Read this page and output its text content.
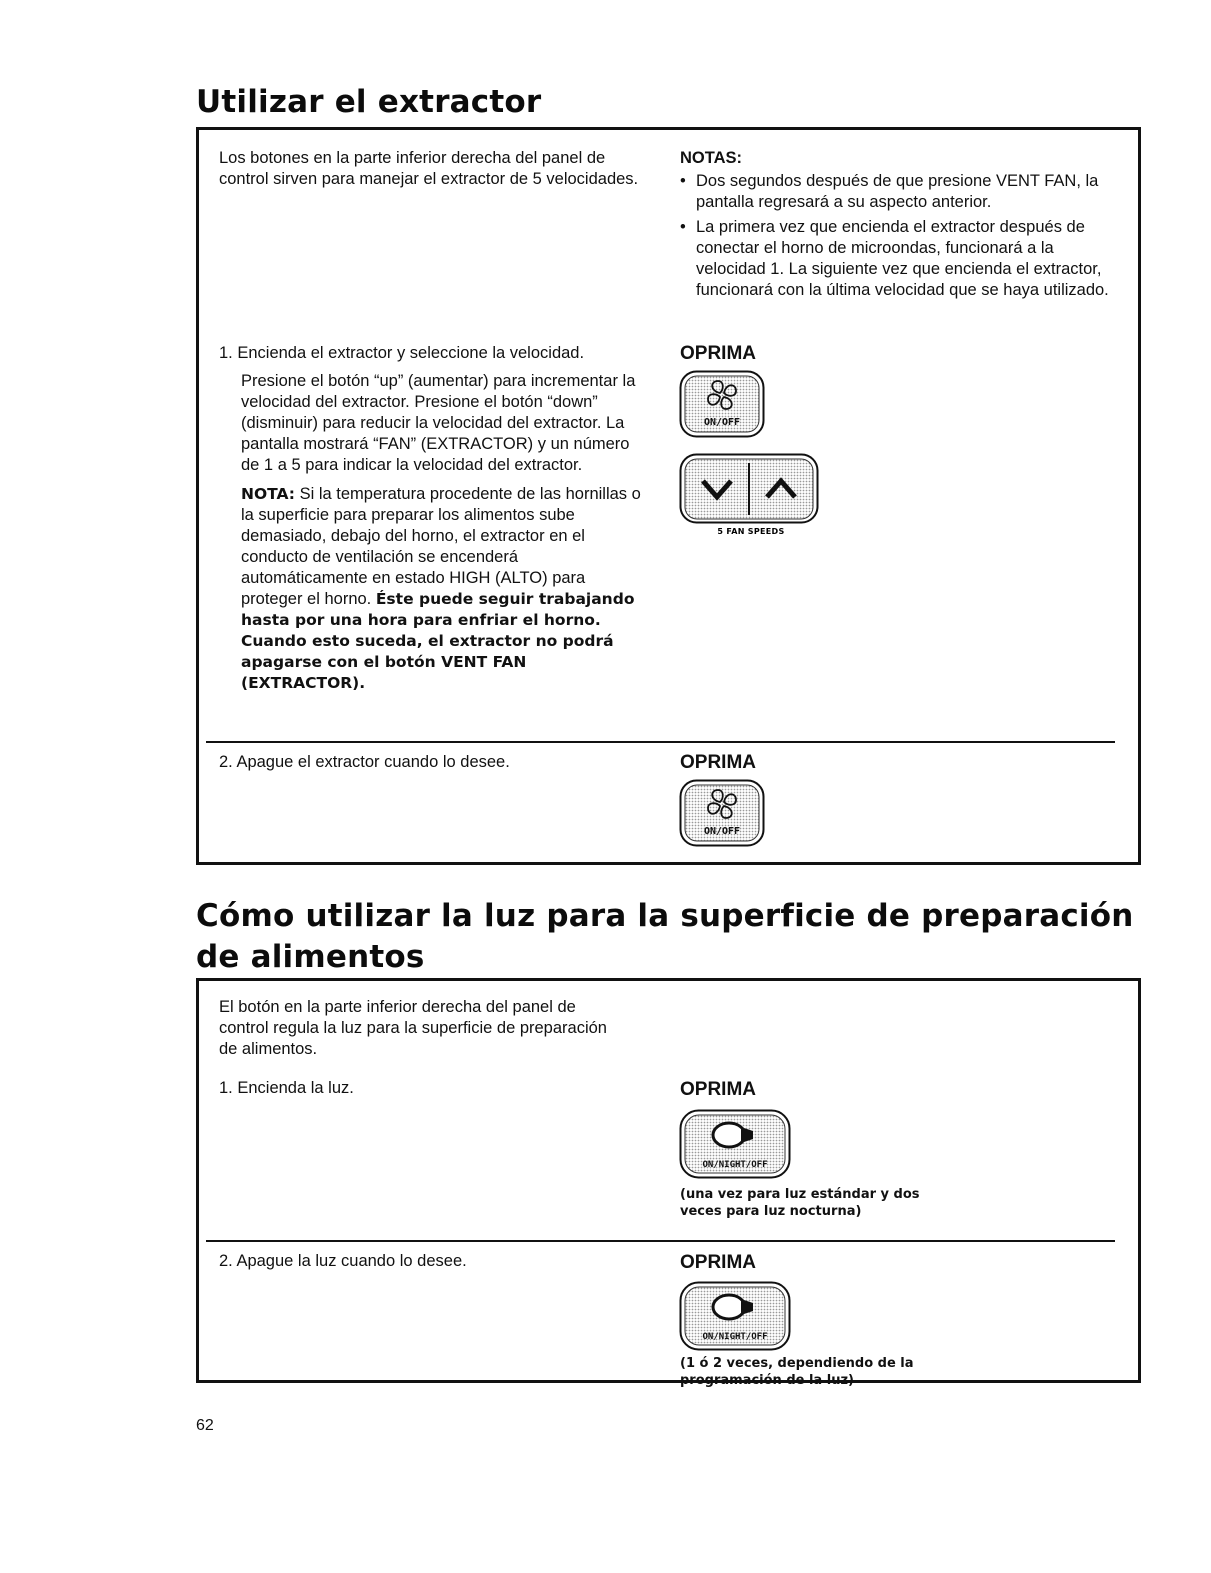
Utilizar el extractor

Los botones en la parte inferior derecha del panel de control sirven para manejar el extractor de 5 velocidades.

NOTAS:

• Dos segundos después de que presione VENT FAN, la pantalla regresará a su aspecto anterior.
• La primera vez que encienda el extractor después de conectar el horno de microondas, funcionará a la velocidad 1. La siguiente vez que encienda el extractor, funcionará con la última velocidad que se haya utilizado.

1. Encienda el extractor y seleccione la velocidad.

Presione el botón “up” (aumentar) para incrementar la velocidad del extractor. Presione el botón “down” (disminuir) para reducir la velocidad del extractor. La pantalla mostrará “FAN” (EXTRACTOR) y un número de 1 a 5 para indicar la velocidad del extractor.

NOTA: Si la temperatura procedente de las hornillas o la superficie para preparar los alimentos sube demasiado, debajo del horno, el extractor en el conducto de ventilación se encenderá automáticamente en estado HIGH (ALTO) para proteger el horno. Éste puede seguir trabajando hasta por una hora para enfriar el horno. Cuando esto suceda, el extractor no podrá apagarse con el botón VENT FAN (EXTRACTOR).

OPRIMA

ON/OFF
5 FAN SPEEDS

2. Apague el extractor cuando lo desee.	OPRIMA

ON/OFF

Cómo utilizar la luz para la superficie de preparación

de alimentos

El botón en la parte inferior derecha del panel de control regula la luz para la superficie de preparación de alimentos.

1. Encienda la luz.	OPRIMA

ON/NIGHT/OFF

(una vez para luz estándar y dos veces para luz nocturna)

2. Apague la luz cuando lo desee.	OPRIMA

ON/NIGHT/OFF

(1 ó 2 veces, dependiendo de la programación de la luz)

62
